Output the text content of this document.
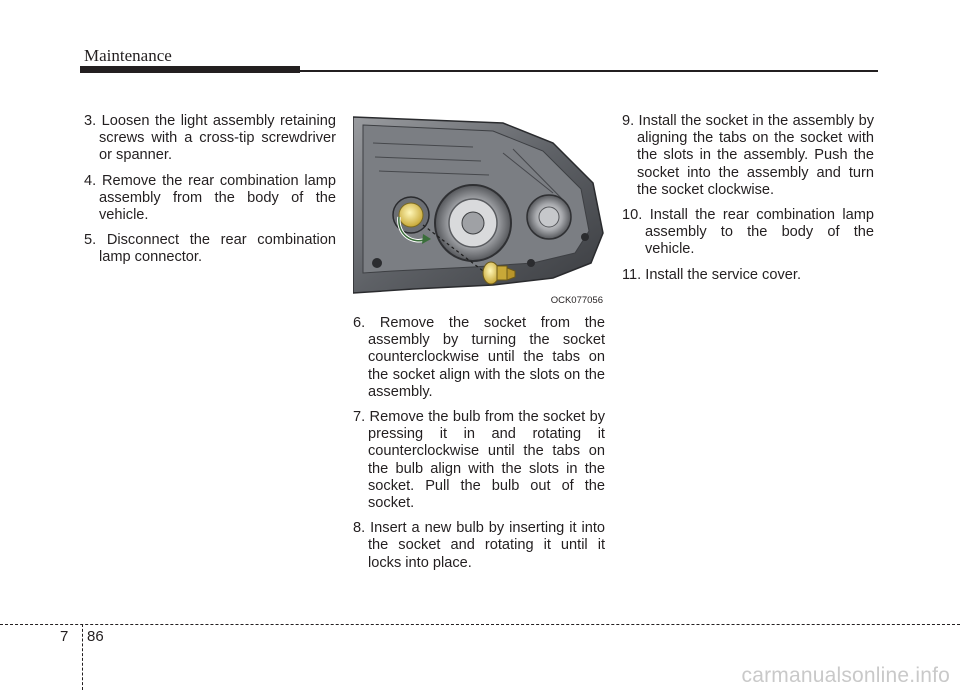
Maintenance

3. Loosen the light assembly retaining screws with a cross-tip screwdriver or spanner.

4. Remove the rear combination lamp assembly from the body of the vehicle.

5. Disconnect the rear combination lamp connector.

OCK077056

6. Remove the socket from the assembly by turning the socket counterclockwise until the tabs on the socket align with the slots on the assembly.

7. Remove the bulb from the socket by pressing it in and rotating it counterclockwise until the tabs on the bulb align with the slots in the socket. Pull the bulb out of the socket.

8. Insert a new bulb by inserting it into the socket and rotating it until it locks into place.

9. Install the socket in the assembly by aligning the tabs on the socket with the slots in the assembly. Push the socket into the assembly and turn the socket clockwise.

10. Install the rear combination lamp assembly to the body of the vehicle.

11. Install the service cover.

7 86
carmanualsonline.info
